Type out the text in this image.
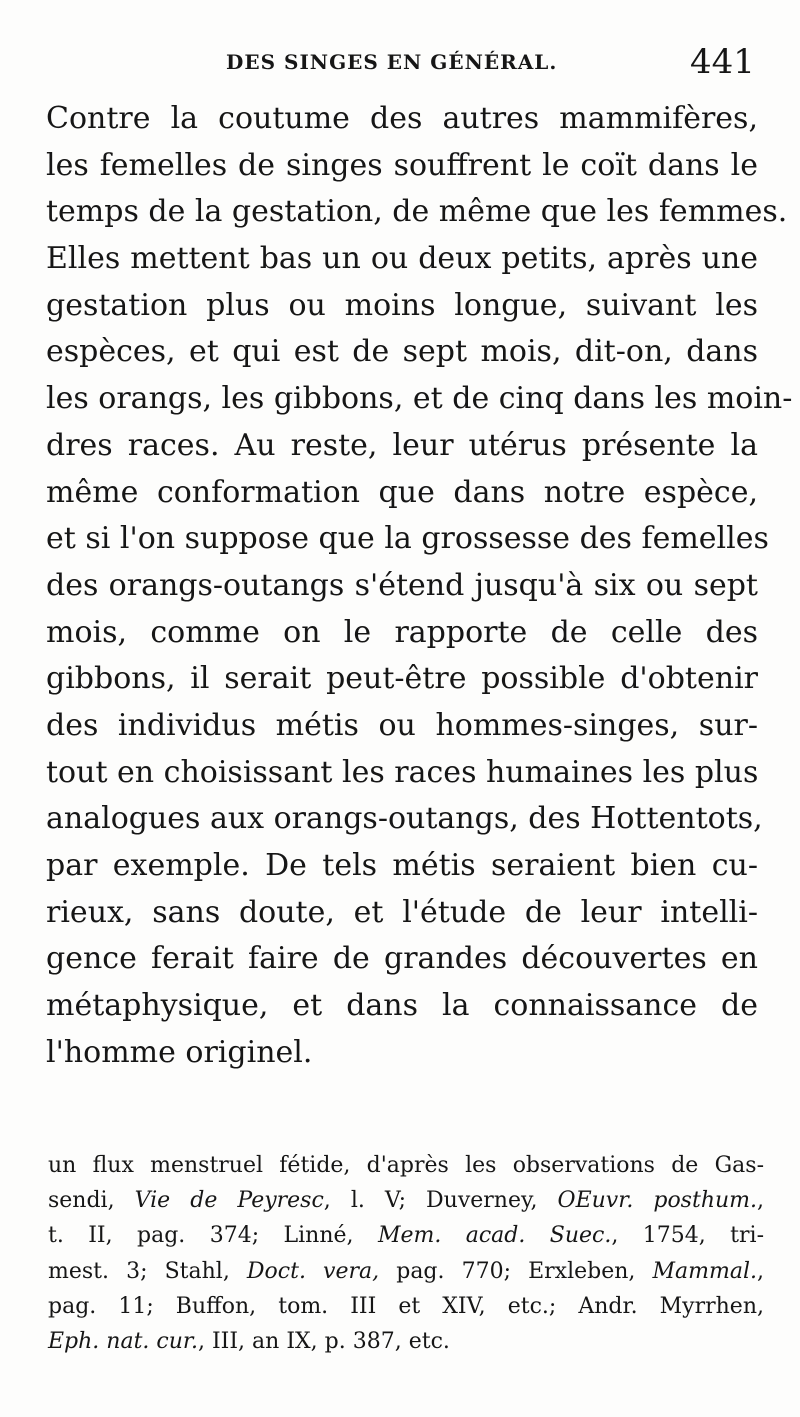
DES SINGES EN GÉNÉRAL.	441
Contre la coutume des autres mammifères,
les femelles de singes souffrent le coït dans le
temps de la gestation, de même que les femmes.
Elles mettent bas un ou deux petits, après une
gestation plus ou moins longue, suivant les
espèces, et qui est de sept mois, dit-on, dans
les orangs, les gibbons, et de cinq dans les moin-
dres races. Au reste, leur utérus présente la
même conformation que dans notre espèce,
et si l'on suppose que la grossesse des femelles
des orangs-outangs s'étend jusqu'à six ou sept
mois, comme on le rapporte de celle des
gibbons, il serait peut-être possible d'obtenir
des individus métis ou hommes-singes, sur-
tout en choisissant les races humaines les plus
analogues aux orangs-outangs, des Hottentots,
par exemple. De tels métis seraient bien cu-
rieux, sans doute, et l'étude de leur intelli-
gence ferait faire de grandes découvertes en
métaphysique, et dans la connaissance de
l'homme originel.
un flux menstruel fétide, d'après les observations de Gas-
sendi, Vie de Peyresc, l. V; Duverney, OEuvr. posthum.,
t. II, pag. 374; Linné, Mem. acad. Suec., 1754, tri-
mest. 3; Stahl, Doct. vera, pag. 770; Erxleben, Mammal.,
pag. 11; Buffon, tom. III et XIV, etc.; Andr. Myrrhen,
Eph. nat. cur., III, an IX, p. 387, etc.
